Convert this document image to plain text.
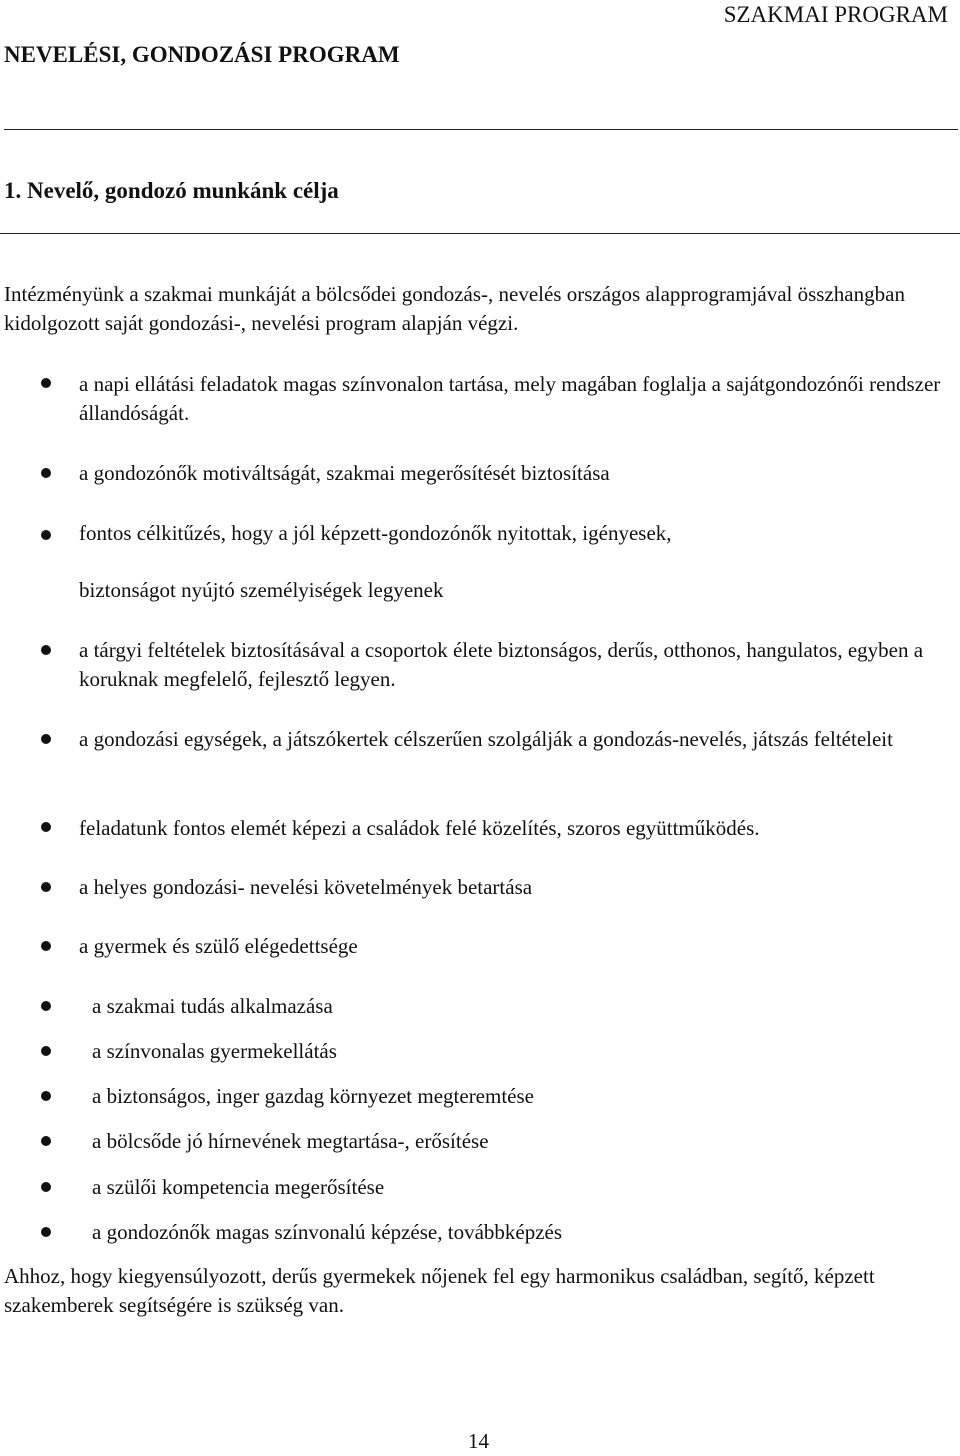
SZAKMAI PROGRAM
NEVELÉSI, GONDOZÁSI PROGRAM
1. Nevelő, gondozó munkánk célja
Intézményünk a szakmai munkáját a bölcsődei gondozás-, nevelés országos alapprogramjával összhangban kidolgozott saját gondozási-, nevelési program alapján végzi.
a napi ellátási feladatok magas színvonalon tartása, mely magában foglalja a sajátgondozónői rendszer állandóságát.
a gondozónők motiváltságát, szakmai megerősítését biztosítása
fontos célkitűzés, hogy a jól képzett-gondozónők nyitottak, igényesek,
biztonságot nyújtó személyiségek legyenek
a tárgyi feltételek biztosításával a csoportok élete biztonságos, derűs, otthonos, hangulatos, egyben a koruknak megfelelő, fejlesztő legyen.
a gondozási egységek, a játszókertek célszerűen szolgálják a gondozás-nevelés, játszás feltételeit
feladatunk fontos elemét képezi a családok felé közelítés, szoros együttműködés.
a helyes gondozási- nevelési követelmények betartása
a gyermek és szülő elégedettsége
a szakmai tudás alkalmazása
a színvonalas gyermekellátás
a biztonságos, inger gazdag környezet megteremtése
a bölcsőde jó hírnevének megtartása-, erősítése
a szülői kompetencia megerősítése
a gondozónők magas színvonalú képzése, továbbképzés
Ahhoz, hogy kiegyensúlyozott, derűs gyermekek nőjenek fel egy harmonikus családban, segítő, képzett szakemberek segítségére is szükség van.
14
